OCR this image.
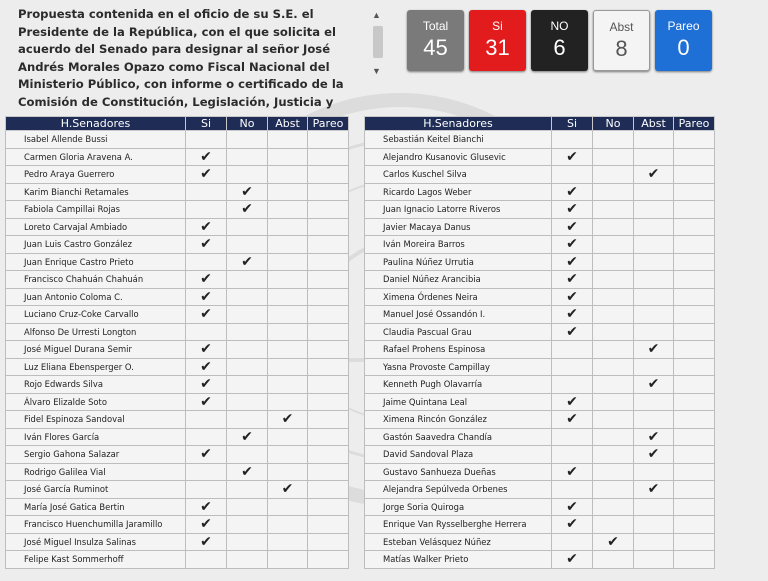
Propuesta contenida en el oficio de su S.E. el Presidente de la República, con el que solicita el acuerdo del Senado para designar al señor José Andrés Morales Opazo como Fiscal Nacional del Ministerio Público, con informe o certificado de la Comisión de Constitución, Legislación, Justicia y
▲
▼
Total
45
Si
31
NO
6
Abst
8
Pareo
0
H.Senadores	Si	No	Abst	Pareo
Isabel Allende Bussi				
Carmen Gloria Aravena A.	✔			
Pedro Araya Guerrero	✔			
Karim Bianchi Retamales		✔		
Fabiola Campillai Rojas		✔		
Loreto Carvajal Ambiado	✔			
Juan Luis Castro González	✔			
Juan Enrique Castro Prieto		✔		
Francisco Chahuán Chahuán	✔			
Juan Antonio Coloma C.	✔			
Luciano Cruz-Coke Carvallo	✔			
Alfonso De Urresti Longton				
José Miguel Durana Semir	✔			
Luz Eliana Ebensperger O.	✔			
Rojo Edwards Silva	✔			
Álvaro Elizalde Soto	✔			
Fidel Espinoza Sandoval			✔	
Iván Flores García		✔		
Sergio Gahona Salazar	✔			
Rodrigo Galilea Vial		✔		
José García Ruminot			✔	
María José Gatica Bertin	✔			
Francisco Huenchumilla Jaramillo	✔			
José Miguel Insulza Salinas	✔			
Felipe Kast Sommerhoff				
H.Senadores	Si	No	Abst	Pareo
Sebastián Keitel Bianchi				
Alejandro Kusanovic Glusevic	✔			
Carlos Kuschel Silva			✔	
Ricardo Lagos Weber	✔			
Juan Ignacio Latorre Riveros	✔			
Javier Macaya Danus	✔			
Iván Moreira Barros	✔			
Paulina Núñez Urrutia	✔			
Daniel Núñez Arancibia	✔			
Ximena Órdenes Neira	✔			
Manuel José Ossandón I.	✔			
Claudia Pascual Grau	✔			
Rafael Prohens Espinosa			✔	
Yasna Provoste Campillay				
Kenneth Pugh Olavarría			✔	
Jaime Quintana Leal	✔			
Ximena Rincón González	✔			
Gastón Saavedra Chandía			✔	
David Sandoval Plaza			✔	
Gustavo Sanhueza Dueñas	✔			
Alejandra Sepúlveda Orbenes			✔	
Jorge Soria Quiroga	✔			
Enrique Van Rysselberghe Herrera	✔			
Esteban Velásquez Núñez		✔		
Matías Walker Prieto	✔			
